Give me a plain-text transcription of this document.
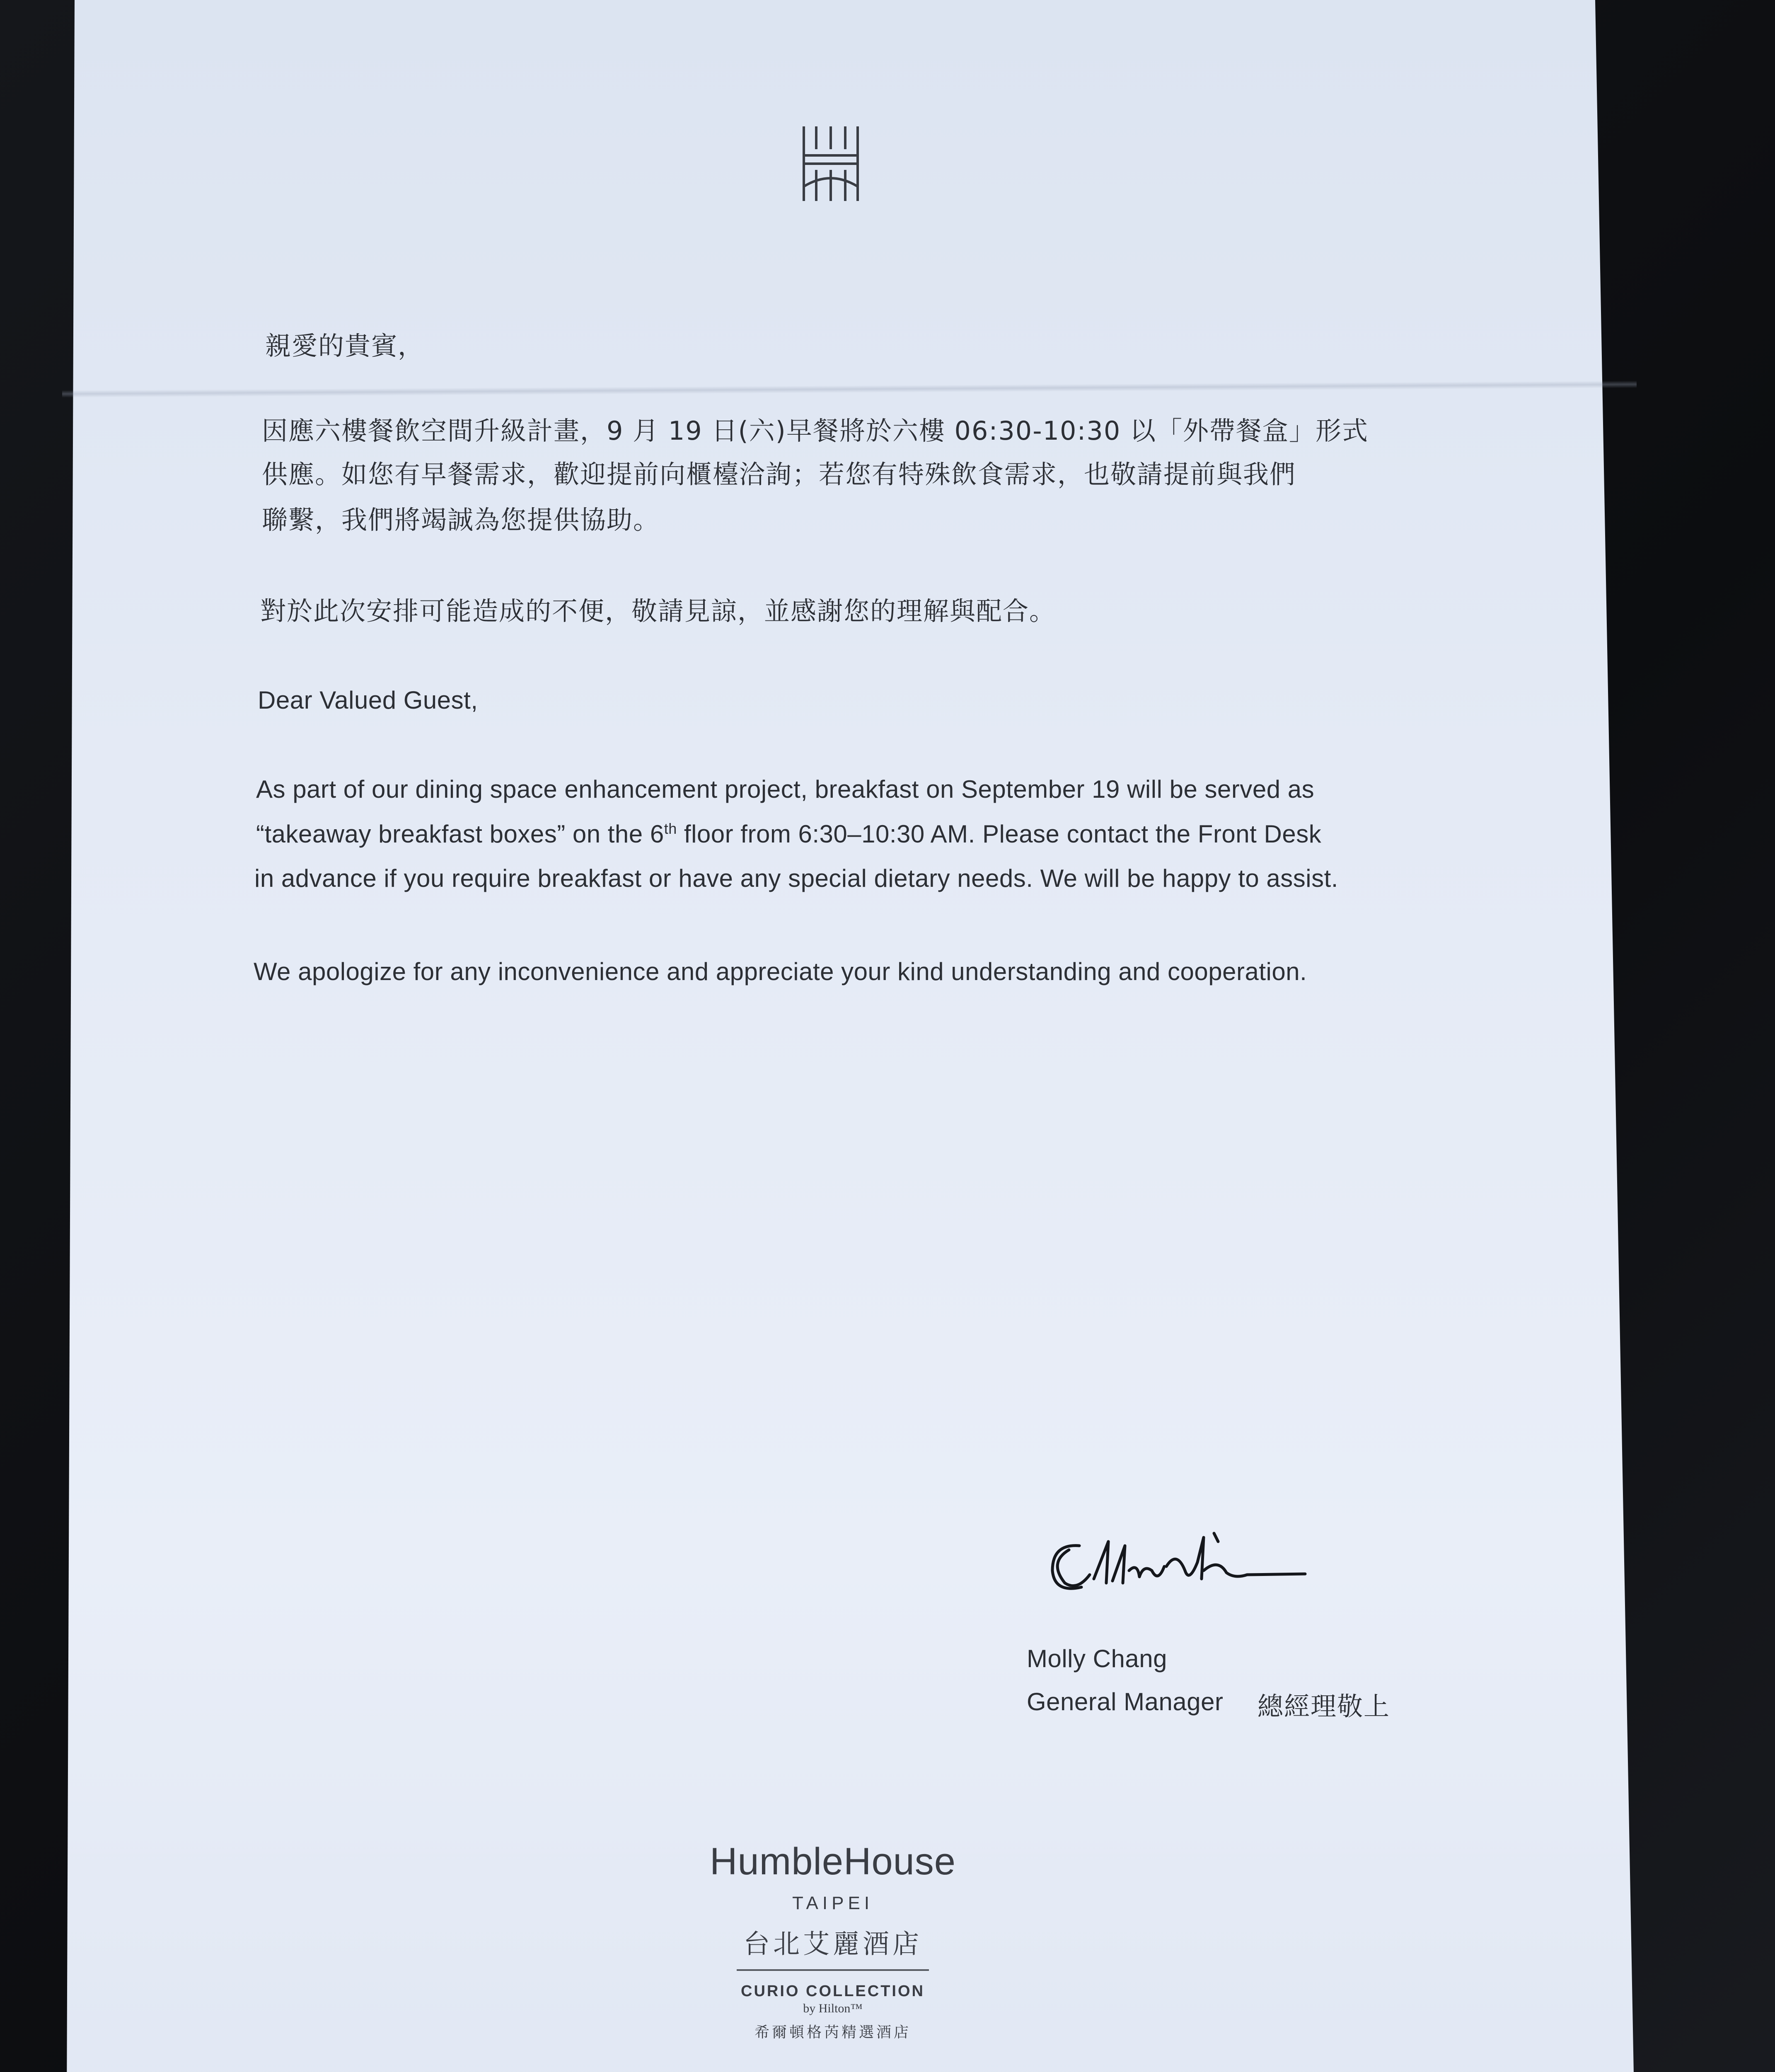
親愛的貴賓，
因應六樓餐飲空間升級計畫，9 月 19 日(六)早餐將於六樓 06:30-10:30 以「外帶餐盒」形式
供應。如您有早餐需求，歡迎提前向櫃檯洽詢；若您有特殊飲食需求，也敬請提前與我們
聯繫，我們將竭誠為您提供協助。
對於此次安排可能造成的不便，敬請見諒，並感謝您的理解與配合。
Dear Valued Guest,
As part of our dining space enhancement project, breakfast on September 19 will be served as
“takeaway breakfast boxes” on the 6th floor from 6:30–10:30 AM. Please contact the Front Desk
in advance if you require breakfast or have any special dietary needs. We will be happy to assist.
We apologize for any inconvenience and appreciate your kind understanding and cooperation.
Molly Chang
General Manager 總經理敬上
HumbleHouse
TAIPEI
台北艾麗酒店
CURIO COLLECTION
by Hilton™
希爾頓格芮精選酒店
